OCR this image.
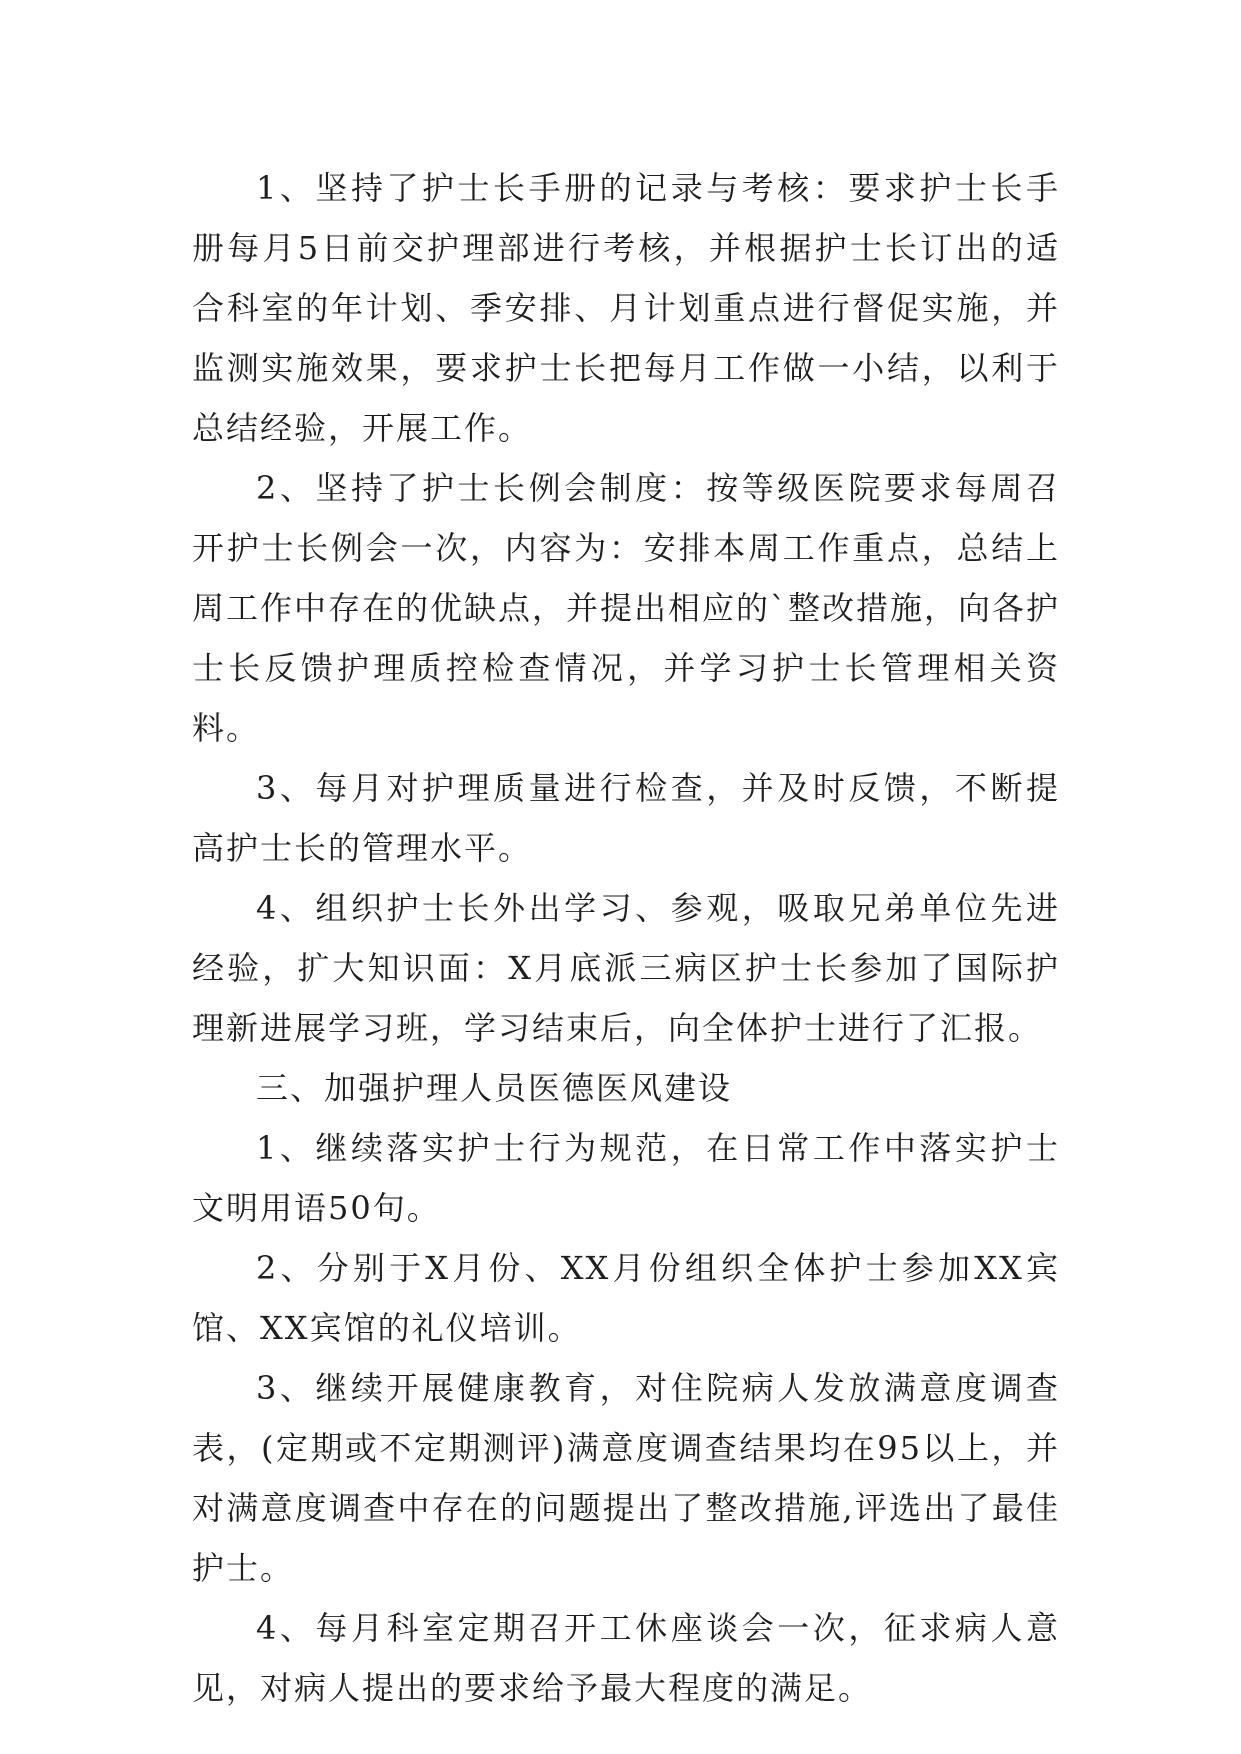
1、坚持了护士长手册的记录与考核：要求护士长手册每月5日前交护理部进行考核，并根据护士长订出的适合科室的年计划、季安排、月计划重点进行督促实施，并监测实施效果，要求护士长把每月工作做一小结，以利于总结经验，开展工作。

2、坚持了护士长例会制度：按等级医院要求每周召开护士长例会一次，内容为：安排本周工作重点，总结上周工作中存在的优缺点，并提出相应的`整改措施，向各护士长反馈护理质控检查情况，并学习护士长管理相关资料。

3、每月对护理质量进行检查，并及时反馈，不断提高护士长的管理水平。

4、组织护士长外出学习、参观，吸取兄弟单位先进经验，扩大知识面：X月底派三病区护士长参加了国际护理新进展学习班，学习结束后，向全体护士进行了汇报。

三、加强护理人员医德医风建设

1、继续落实护士行为规范，在日常工作中落实护士文明用语50句。

2、分别于X月份、XX月份组织全体护士参加XX宾馆、XX宾馆的礼仪培训。

3、继续开展健康教育，对住院病人发放满意度调查表，(定期或不定期测评)满意度调查结果均在95以上，并对满意度调查中存在的问题提出了整改措施,评选出了最佳护士。

4、每月科室定期召开工休座谈会一次，征求病人意见，对病人提出的要求给予最大程度的满足。
